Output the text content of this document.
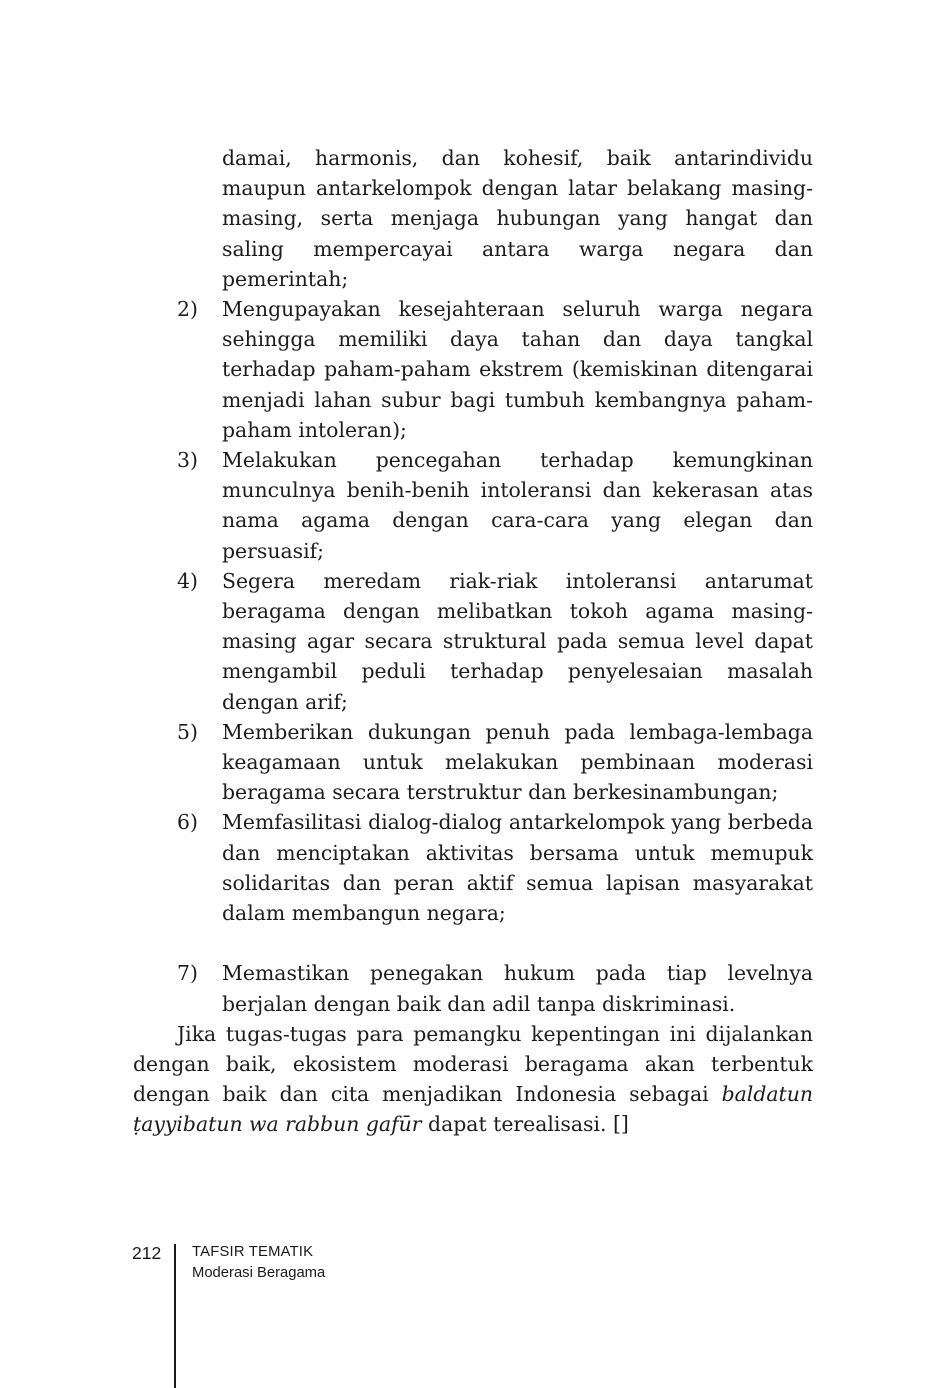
damai, harmonis, dan kohesif, baik antarindividu maupun antarkelompok dengan latar belakang masing-masing, serta menjaga hubungan yang hangat dan saling mempercayai antara warga negara dan pemerintah;
2) Mengupayakan kesejahteraan seluruh warga negara sehingga memiliki daya tahan dan daya tangkal terhadap paham-paham ekstrem (kemiskinan ditengarai menjadi lahan subur bagi tumbuh kembangnya paham-paham intoleran);
3) Melakukan pencegahan terhadap kemungkinan munculnya benih-benih intoleransi dan kekerasan atas nama agama dengan cara-cara yang elegan dan persuasif;
4) Segera meredam riak-riak intoleransi antarumat beragama dengan melibatkan tokoh agama masing-masing agar secara struktural pada semua level dapat mengambil peduli terhadap penyelesaian masalah dengan arif;
5) Memberikan dukungan penuh pada lembaga-lembaga keagamaan untuk melakukan pembinaan moderasi beragama secara terstruktur dan berkesinambungan;
6) Memfasilitasi dialog-dialog antarkelompok yang berbeda dan menciptakan aktivitas bersama untuk memupuk solidaritas dan peran aktif semua lapisan masyarakat dalam membangun negara;
7) Memastikan penegakan hukum pada tiap levelnya berjalan dengan baik dan adil tanpa diskriminasi.

Jika tugas-tugas para pemangku kepentingan ini dijalankan dengan baik, ekosistem moderasi beragama akan terbentuk dengan baik dan cita menjadikan Indonesia sebagai baldatun ṭayyibatun wa rabbun gafūr dapat terealisasi. []

212 TAFSIR TEMATIK
Moderasi Beragama
